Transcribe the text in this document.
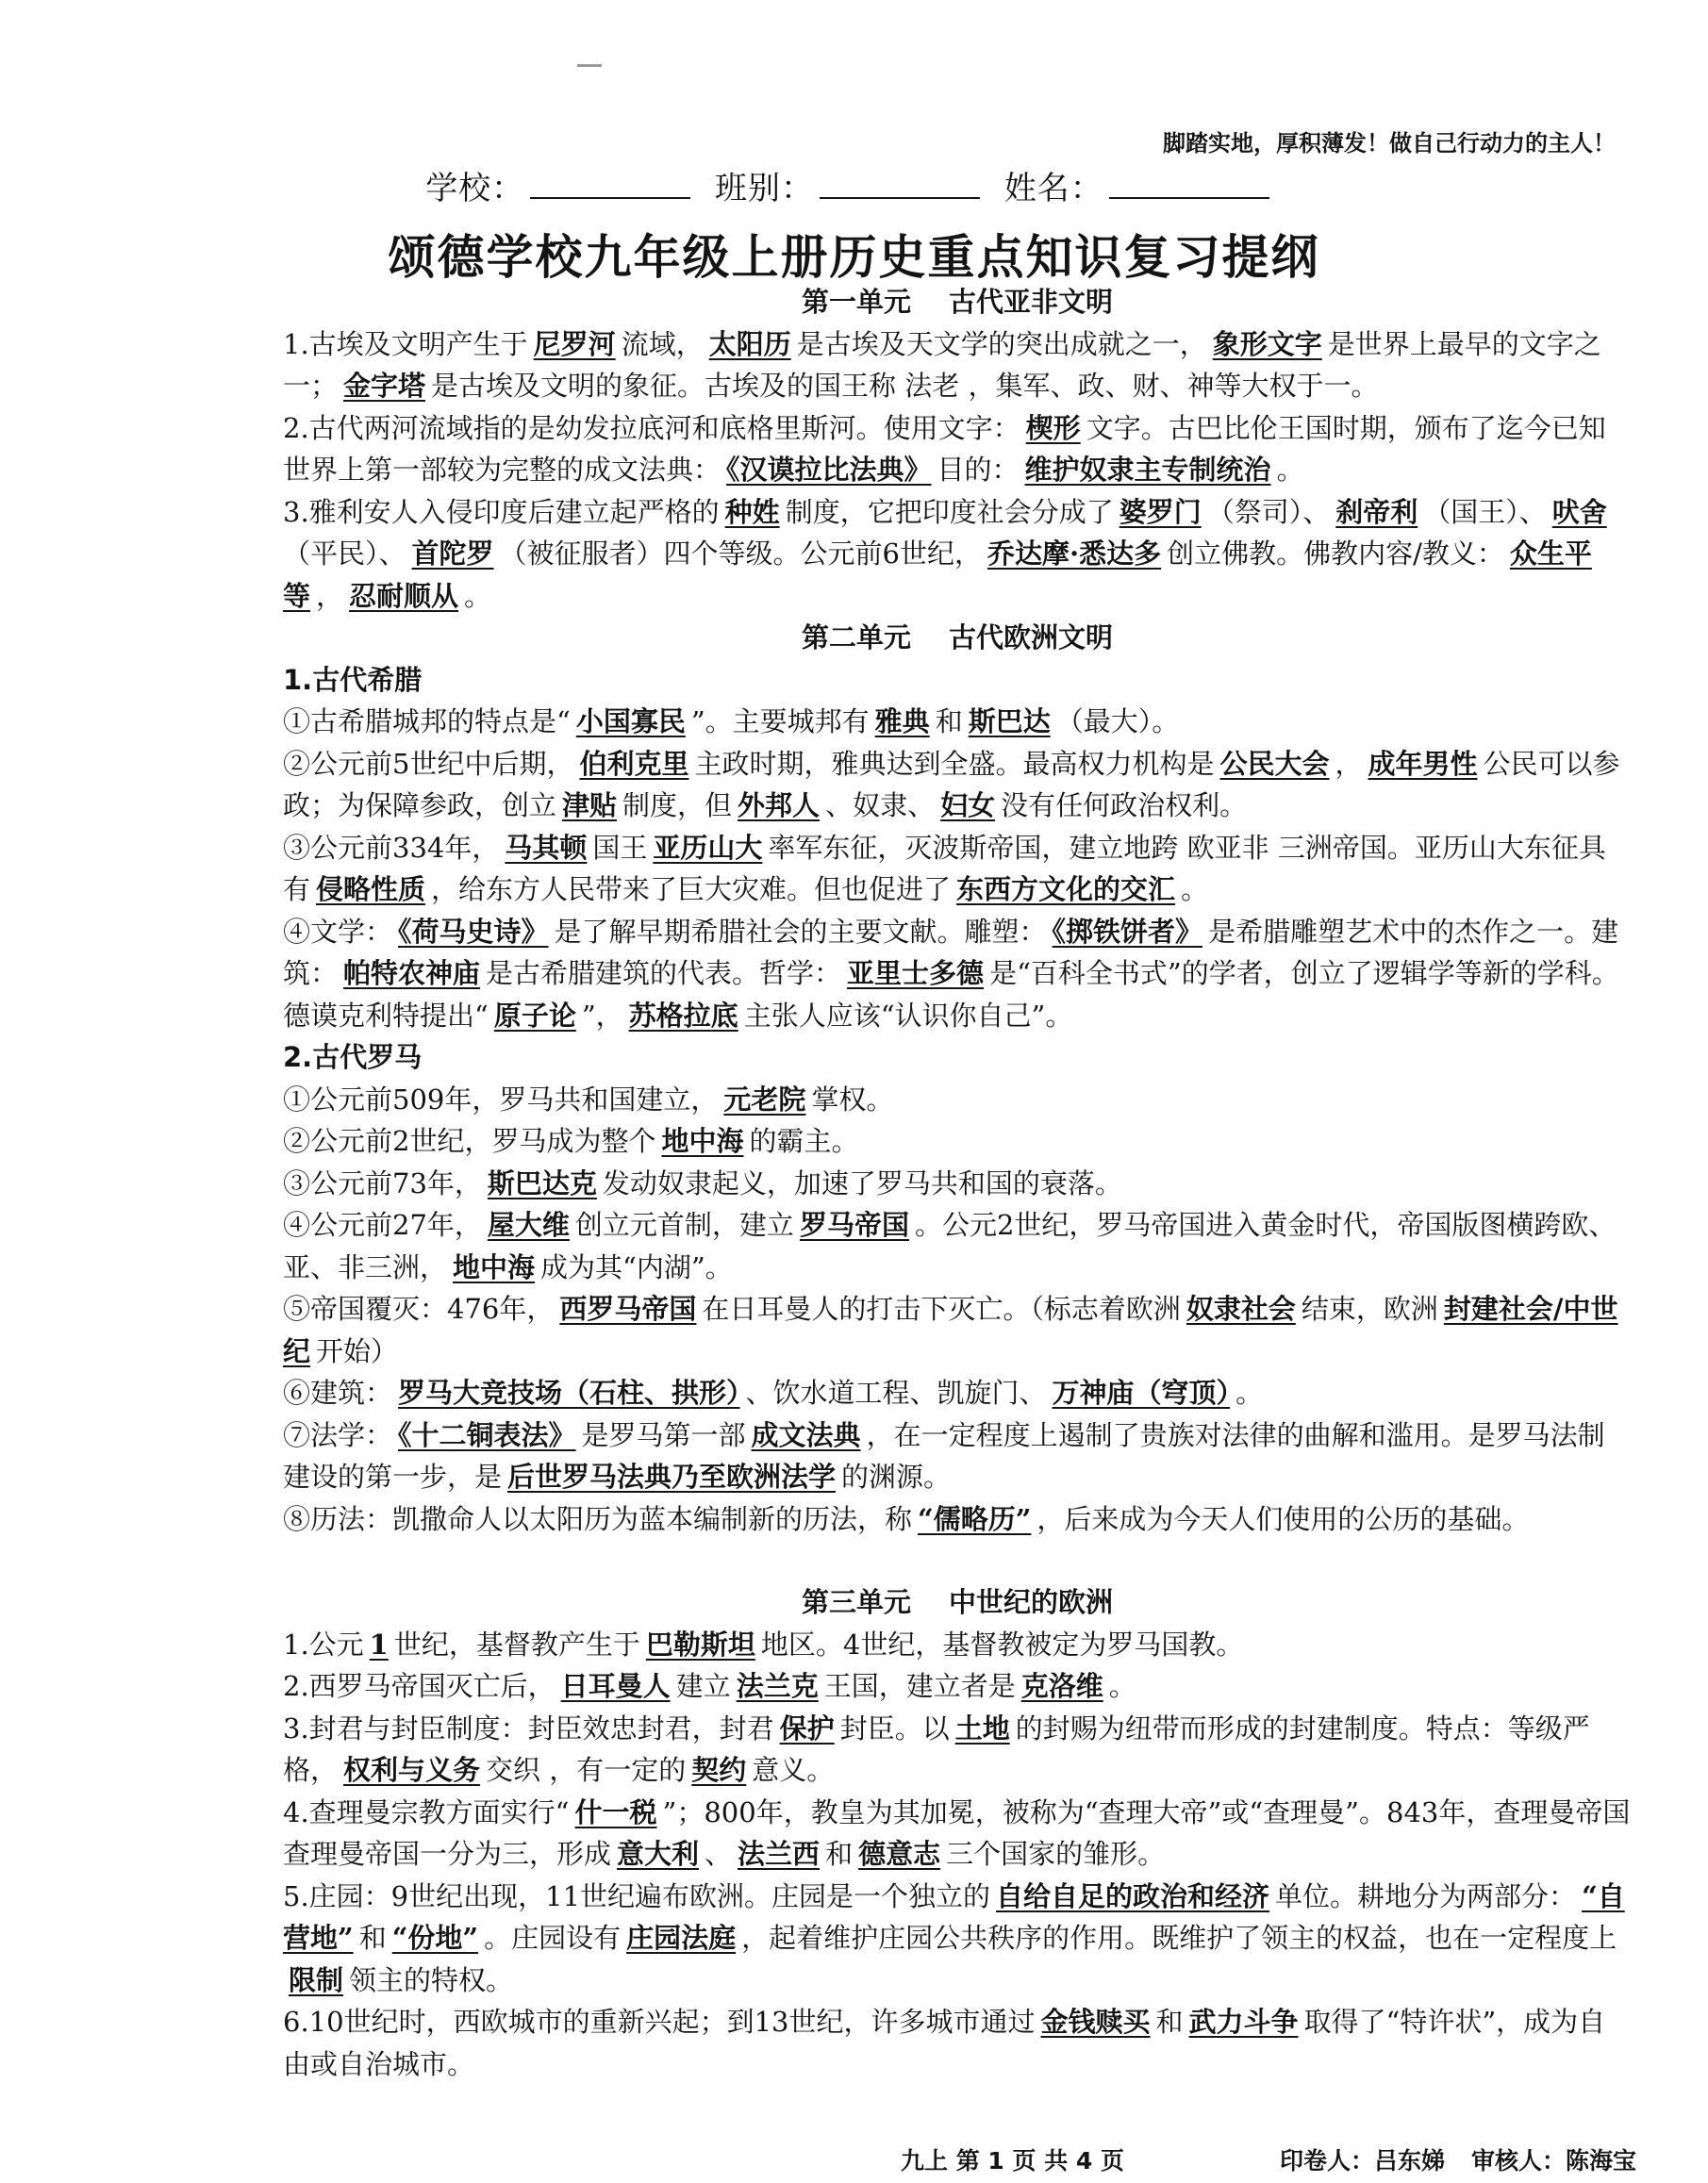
脚踏实地，厚积薄发！做自己行动力的主人！
学校：	班别：	姓名：
颂德学校九年级上册历史重点知识复习提纲

第一单元 古代亚非文明

1.古埃及文明产生于 尼罗河 流域， 太阳历 是古埃及天文学的突出成就之一， 象形文字 是世界上最早的文字之一； 金字塔 是古埃及文明的象征。古埃及的国王称 法老 ，集军、政、财、神等大权于一。

2.古代两河流域指的是幼发拉底河和底格里斯河。使用文字： 楔形 文字。古巴比伦王国时期，颁布了迄今已知世界上第一部较为完整的成文法典： 《汉谟拉比法典》 目的： 维护奴隶主专制统治 。

3.雅利安人入侵印度后建立起严格的 种姓 制度，它把印度社会分成了 婆罗门 （祭司）、 刹帝利 （国王）、 吠舍（平民）、 首陀罗 （被征服者）四个等级。公元前6世纪， 乔达摩·悉达多 创立佛教。佛教内容/教义： 众生平等 ， 忍耐顺从 。

第二单元 古代欧洲文明

1.古代希腊

①古希腊城邦的特点是“ 小国寡民 ”。主要城邦有 雅典 和 斯巴达 （最大）。

②公元前5世纪中后期， 伯利克里 主政时期，雅典达到全盛。最高权力机构是 公民大会 ， 成年男性 公民可以参政；为保障参政，创立 津贴 制度，但 外邦人 、奴隶、 妇女 没有任何政治权利。

③公元前334年， 马其顿 国王 亚历山大 率军东征，灭波斯帝国，建立地跨 欧亚非 三洲帝国。亚历山大东征具有 侵略性质 ，给东方人民带来了巨大灾难。但也促进了 东西方文化的交汇 。

④文学： 《荷马史诗》 是了解早期希腊社会的主要文献。雕塑： 《掷铁饼者》 是希腊雕塑艺术中的杰作之一。建筑： 帕特农神庙 是古希腊建筑的代表。哲学： 亚里士多德 是“百科全书式”的学者，创立了逻辑学等新的学科。德谟克利特提出“ 原子论 ”， 苏格拉底 主张人应该“认识你自己”。

2.古代罗马

①公元前509年，罗马共和国建立， 元老院 掌权。

②公元前2世纪，罗马成为整个 地中海 的霸主。

③公元前73年， 斯巴达克 发动奴隶起义，加速了罗马共和国的衰落。

④公元前27年， 屋大维 创立元首制，建立 罗马帝国 。公元2世纪，罗马帝国进入黄金时代，帝国版图横跨欧、亚、非三洲， 地中海 成为其“内湖”。

⑤帝国覆灭：476年， 西罗马帝国 在日耳曼人的打击下灭亡。（标志着欧洲 奴隶社会 结束，欧洲 封建社会/中世纪 开始）

⑥建筑： 罗马大竞技场（石柱、拱形） 、饮水道工程、凯旋门、 万神庙（穹顶） 。

⑦法学： 《十二铜表法》 是罗马第一部 成文法典 ，在一定程度上遏制了贵族对法律的曲解和滥用。是罗马法制建设的第一步，是 后世罗马法典乃至欧洲法学 的渊源。

⑧历法：凯撒命人以太阳历为蓝本编制新的历法，称 “儒略历” ，后来成为今天人们使用的公历的基础。

第三单元 中世纪的欧洲

1.公元 1 世纪，基督教产生于 巴勒斯坦 地区。4世纪，基督教被定为罗马国教。

2.西罗马帝国灭亡后， 日耳曼人 建立 法兰克 王国，建立者是 克洛维 。

3.封君与封臣制度：封臣效忠封君，封君 保护 封臣。以 土地 的封赐为纽带而形成的封建制度。特点：等级严格， 权利与义务 交织 ，有一定的 契约 意义。

4.查理曼宗教方面实行“ 什一税 ”；800年，教皇为其加冕，被称为“查理大帝”或“查理曼”。843年，查理曼帝国查理曼帝国一分为三，形成 意大利 、 法兰西 和 德意志 三个国家的雏形。

5.庄园：9世纪出现，11世纪遍布欧洲。庄园是一个独立的 自给自足的政治和经济 单位。耕地分为两部分： “自营地” 和 “份地” 。庄园设有 庄园法庭 ，起着维护庄园公共秩序的作用。既维护了领主的权益，也在一定程度上限制 领主的特权。

6.10世纪时，西欧城市的重新兴起；到13世纪，许多城市通过 金钱赎买 和 武力斗争 取得了“特许状”，成为自由或自治城市。

九上 第 1 页 共 4 页	印卷人：吕东娣 审核人：陈海宝
